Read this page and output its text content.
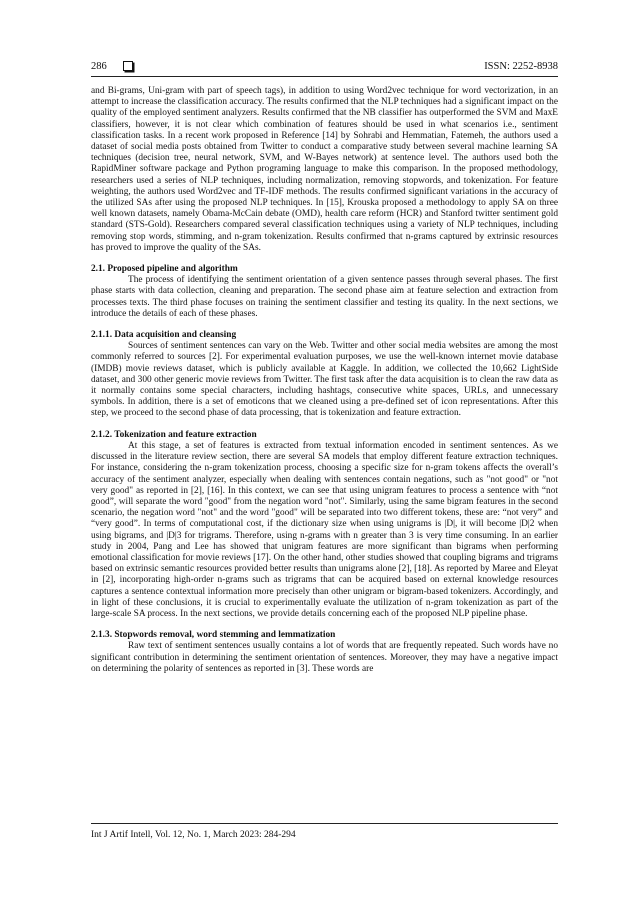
286	ISSN: 2252-8938

and Bi-grams, Uni-gram with part of speech tags), in addition to using Word2vec technique for word vectorization, in an attempt to increase the classification accuracy. The results confirmed that the NLP techniques had a significant impact on the quality of the employed sentiment analyzers. Results confirmed that the NB classifier has outperformed the SVM and MaxE classifiers, however, it is not clear which combination of features should be used in what scenarios i.e., sentiment classification tasks. In a recent work proposed in Reference [14] by Sohrabi and Hemmatian, Fatemeh, the authors used a dataset of social media posts obtained from Twitter to conduct a comparative study between several machine learning SA techniques (decision tree, neural network, SVM, and W-Bayes network) at sentence level. The authors used both the RapidMiner software package and Python programing language to make this comparison. In the proposed methodology, researchers used a series of NLP techniques, including normalization, removing stopwords, and tokenization. For feature weighting, the authors used Word2vec and TF-IDF methods. The results confirmed significant variations in the accuracy of the utilized SAs after using the proposed NLP techniques. In [15], Krouska proposed a methodology to apply SA on three well known datasets, namely Obama-McCain debate (OMD), health care reform (HCR) and Stanford twitter sentiment gold standard (STS-Gold). Researchers compared several classification techniques using a variety of NLP techniques, including removing stop words, stimming, and n-gram tokenization. Results confirmed that n-grams captured by extrinsic resources has proved to improve the quality of the SAs.

2.1. Proposed pipeline and algorithm

The process of identifying the sentiment orientation of a given sentence passes through several phases. The first phase starts with data collection, cleaning and preparation. The second phase aim at feature selection and extraction from processes texts. The third phase focuses on training the sentiment classifier and testing its quality. In the next sections, we introduce the details of each of these phases.

2.1.1. Data acquisition and cleansing

Sources of sentiment sentences can vary on the Web. Twitter and other social media websites are among the most commonly referred to sources [2]. For experimental evaluation purposes, we use the well-known internet movie database (IMDB) movie reviews dataset, which is publicly available at Kaggle. In addition, we collected the 10,662 LightSide dataset, and 300 other generic movie reviews from Twitter. The first task after the data acquisition is to clean the raw data as it normally contains some special characters, including hashtags, consecutive white spaces, URLs, and unnecessary symbols. In addition, there is a set of emoticons that we cleaned using a pre-defined set of icon representations. After this step, we proceed to the second phase of data processing, that is tokenization and feature extraction.

2.1.2. Tokenization and feature extraction

At this stage, a set of features is extracted from textual information encoded in sentiment sentences. As we discussed in the literature review section, there are several SA models that employ different feature extraction techniques. For instance, considering the n-gram tokenization process, choosing a specific size for n-gram tokens affects the overall’s accuracy of the sentiment analyzer, especially when dealing with sentences contain negations, such as "not good" or "not very good" as reported in [2], [16]. In this context, we can see that using unigram features to process a sentence with “not good”, will separate the word "good" from the negation word "not". Similarly, using the same bigram features in the second scenario, the negation word "not" and the word "good" will be separated into two different tokens, these are: “not very” and “very good”. In terms of computational cost, if the dictionary size when using unigrams is |D|, it will become |D|2 when using bigrams, and |D|3 for trigrams. Therefore, using n-grams with n greater than 3 is very time consuming. In an earlier study in 2004, Pang and Lee has showed that unigram features are more significant than bigrams when performing emotional classification for movie reviews [17]. On the other hand, other studies showed that coupling bigrams and trigrams based on extrinsic semantic resources provided better results than unigrams alone [2], [18]. As reported by Maree and Eleyat in [2], incorporating high-order n-grams such as trigrams that can be acquired based on external knowledge resources captures a sentence contextual information more precisely than other unigram or bigram-based tokenizers. Accordingly, and in light of these conclusions, it is crucial to experimentally evaluate the utilization of n-gram tokenization as part of the large-scale SA process. In the next sections, we provide details concerning each of the proposed NLP pipeline phase.

2.1.3. Stopwords removal, word stemming and lemmatization

Raw text of sentiment sentences usually contains a lot of words that are frequently repeated. Such words have no significant contribution in determining the sentiment orientation of sentences. Moreover, they may have a negative impact on determining the polarity of sentences as reported in [3]. These words are

Int J Artif Intell, Vol. 12, No. 1, March 2023: 284-294
